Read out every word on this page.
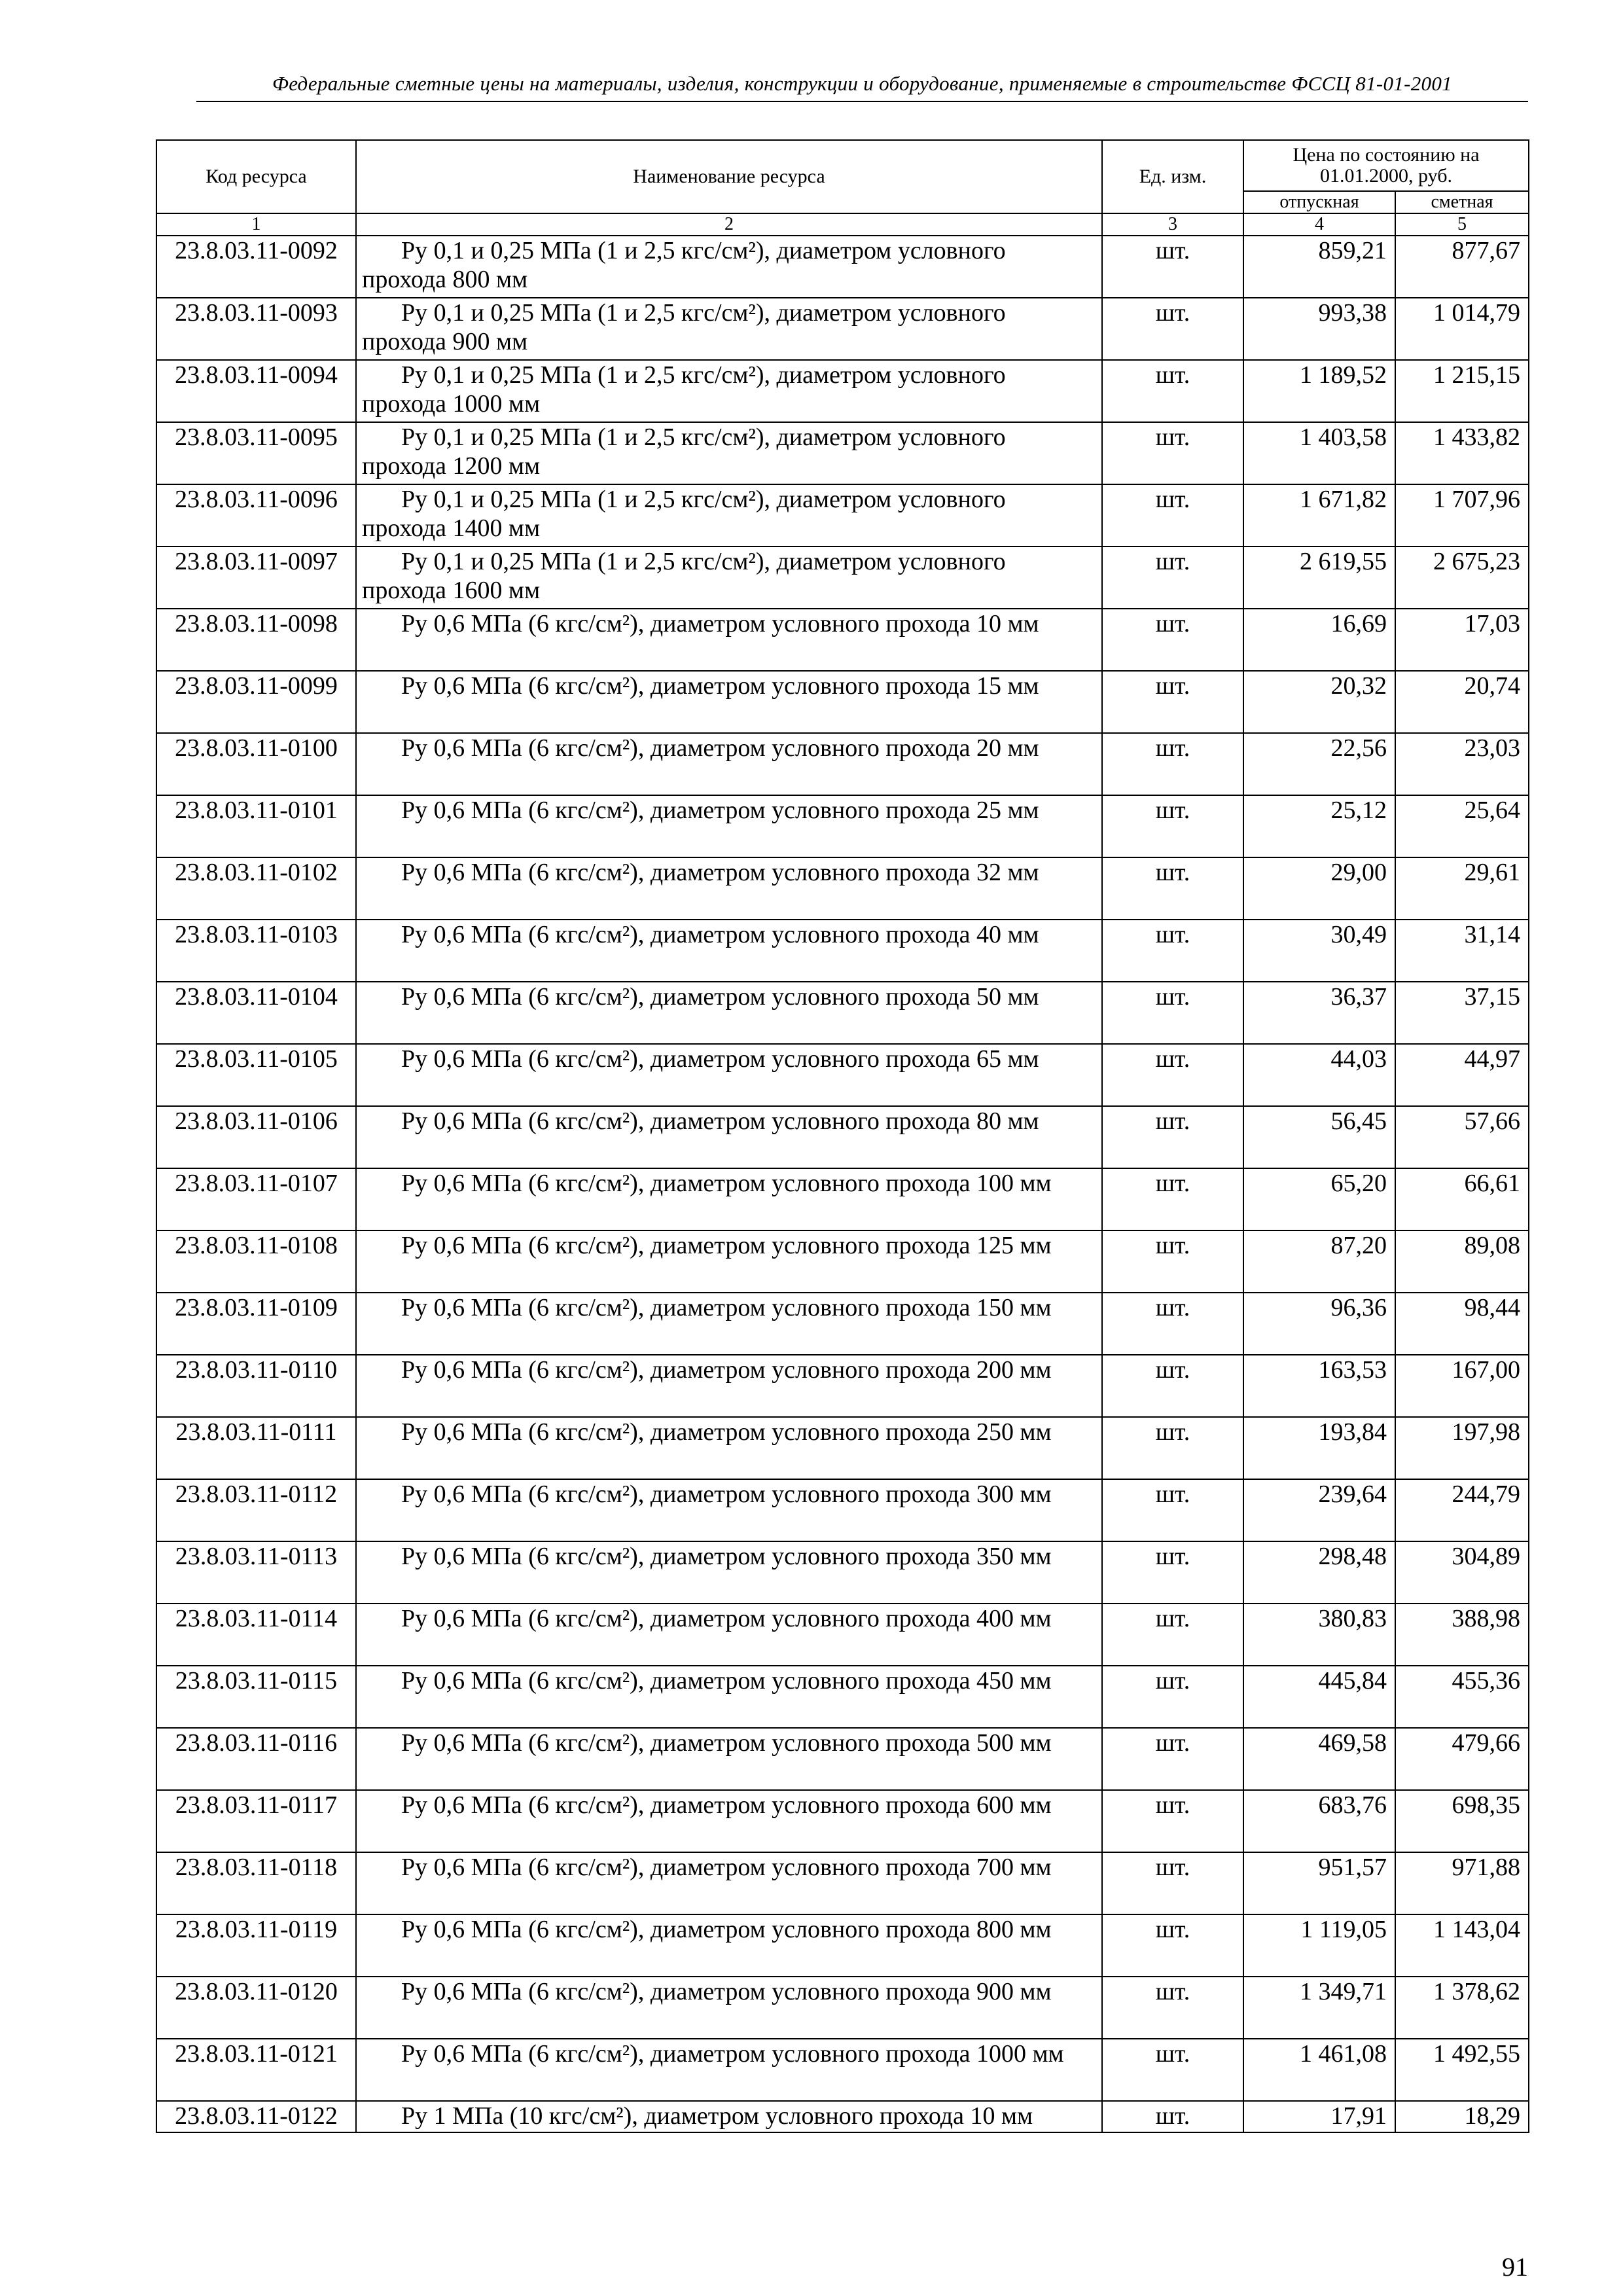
Федеральные сметные цены на материалы, изделия, конструкции и оборудование, применяемые в строительстве ФССЦ 81-01-2001
Код ресурса	Наименование ресурса	Ед. изм.	Цена по состоянию на 01.01.2000, руб.	
			отпускная	сметная
1	2	3	4	5
23.8.03.11-0092	Ру 0,1 и 0,25 МПа (1 и 2,5 кгс/см²), диаметром условного прохода 800 мм	шт.	859,21	877,67
23.8.03.11-0093	Ру 0,1 и 0,25 МПа (1 и 2,5 кгс/см²), диаметром условного прохода 900 мм	шт.	993,38	1 014,79
23.8.03.11-0094	Ру 0,1 и 0,25 МПа (1 и 2,5 кгс/см²), диаметром условного прохода 1000 мм	шт.	1 189,52	1 215,15
23.8.03.11-0095	Ру 0,1 и 0,25 МПа (1 и 2,5 кгс/см²), диаметром условного прохода 1200 мм	шт.	1 403,58	1 433,82
23.8.03.11-0096	Ру 0,1 и 0,25 МПа (1 и 2,5 кгс/см²), диаметром условного прохода 1400 мм	шт.	1 671,82	1 707,96
23.8.03.11-0097	Ру 0,1 и 0,25 МПа (1 и 2,5 кгс/см²), диаметром условного прохода 1600 мм	шт.	2 619,55	2 675,23
23.8.03.11-0098	Ру 0,6 МПа (6 кгс/см²), диаметром условного прохода 10 мм	шт.	16,69	17,03
23.8.03.11-0099	Ру 0,6 МПа (6 кгс/см²), диаметром условного прохода 15 мм	шт.	20,32	20,74
23.8.03.11-0100	Ру 0,6 МПа (6 кгс/см²), диаметром условного прохода 20 мм	шт.	22,56	23,03
23.8.03.11-0101	Ру 0,6 МПа (6 кгс/см²), диаметром условного прохода 25 мм	шт.	25,12	25,64
23.8.03.11-0102	Ру 0,6 МПа (6 кгс/см²), диаметром условного прохода 32 мм	шт.	29,00	29,61
23.8.03.11-0103	Ру 0,6 МПа (6 кгс/см²), диаметром условного прохода 40 мм	шт.	30,49	31,14
23.8.03.11-0104	Ру 0,6 МПа (6 кгс/см²), диаметром условного прохода 50 мм	шт.	36,37	37,15
23.8.03.11-0105	Ру 0,6 МПа (6 кгс/см²), диаметром условного прохода 65 мм	шт.	44,03	44,97
23.8.03.11-0106	Ру 0,6 МПа (6 кгс/см²), диаметром условного прохода 80 мм	шт.	56,45	57,66
23.8.03.11-0107	Ру 0,6 МПа (6 кгс/см²), диаметром условного прохода 100 мм	шт.	65,20	66,61
23.8.03.11-0108	Ру 0,6 МПа (6 кгс/см²), диаметром условного прохода 125 мм	шт.	87,20	89,08
23.8.03.11-0109	Ру 0,6 МПа (6 кгс/см²), диаметром условного прохода 150 мм	шт.	96,36	98,44
23.8.03.11-0110	Ру 0,6 МПа (6 кгс/см²), диаметром условного прохода 200 мм	шт.	163,53	167,00
23.8.03.11-0111	Ру 0,6 МПа (6 кгс/см²), диаметром условного прохода 250 мм	шт.	193,84	197,98
23.8.03.11-0112	Ру 0,6 МПа (6 кгс/см²), диаметром условного прохода 300 мм	шт.	239,64	244,79
23.8.03.11-0113	Ру 0,6 МПа (6 кгс/см²), диаметром условного прохода 350 мм	шт.	298,48	304,89
23.8.03.11-0114	Ру 0,6 МПа (6 кгс/см²), диаметром условного прохода 400 мм	шт.	380,83	388,98
23.8.03.11-0115	Ру 0,6 МПа (6 кгс/см²), диаметром условного прохода 450 мм	шт.	445,84	455,36
23.8.03.11-0116	Ру 0,6 МПа (6 кгс/см²), диаметром условного прохода 500 мм	шт.	469,58	479,66
23.8.03.11-0117	Ру 0,6 МПа (6 кгс/см²), диаметром условного прохода 600 мм	шт.	683,76	698,35
23.8.03.11-0118	Ру 0,6 МПа (6 кгс/см²), диаметром условного прохода 700 мм	шт.	951,57	971,88
23.8.03.11-0119	Ру 0,6 МПа (6 кгс/см²), диаметром условного прохода 800 мм	шт.	1 119,05	1 143,04
23.8.03.11-0120	Ру 0,6 МПа (6 кгс/см²), диаметром условного прохода 900 мм	шт.	1 349,71	1 378,62
23.8.03.11-0121	Ру 0,6 МПа (6 кгс/см²), диаметром условного прохода 1000 мм	шт.	1 461,08	1 492,55
23.8.03.11-0122	Ру 1 МПа (10 кгс/см²), диаметром условного прохода 10 мм	шт.	17,91	18,29
91
